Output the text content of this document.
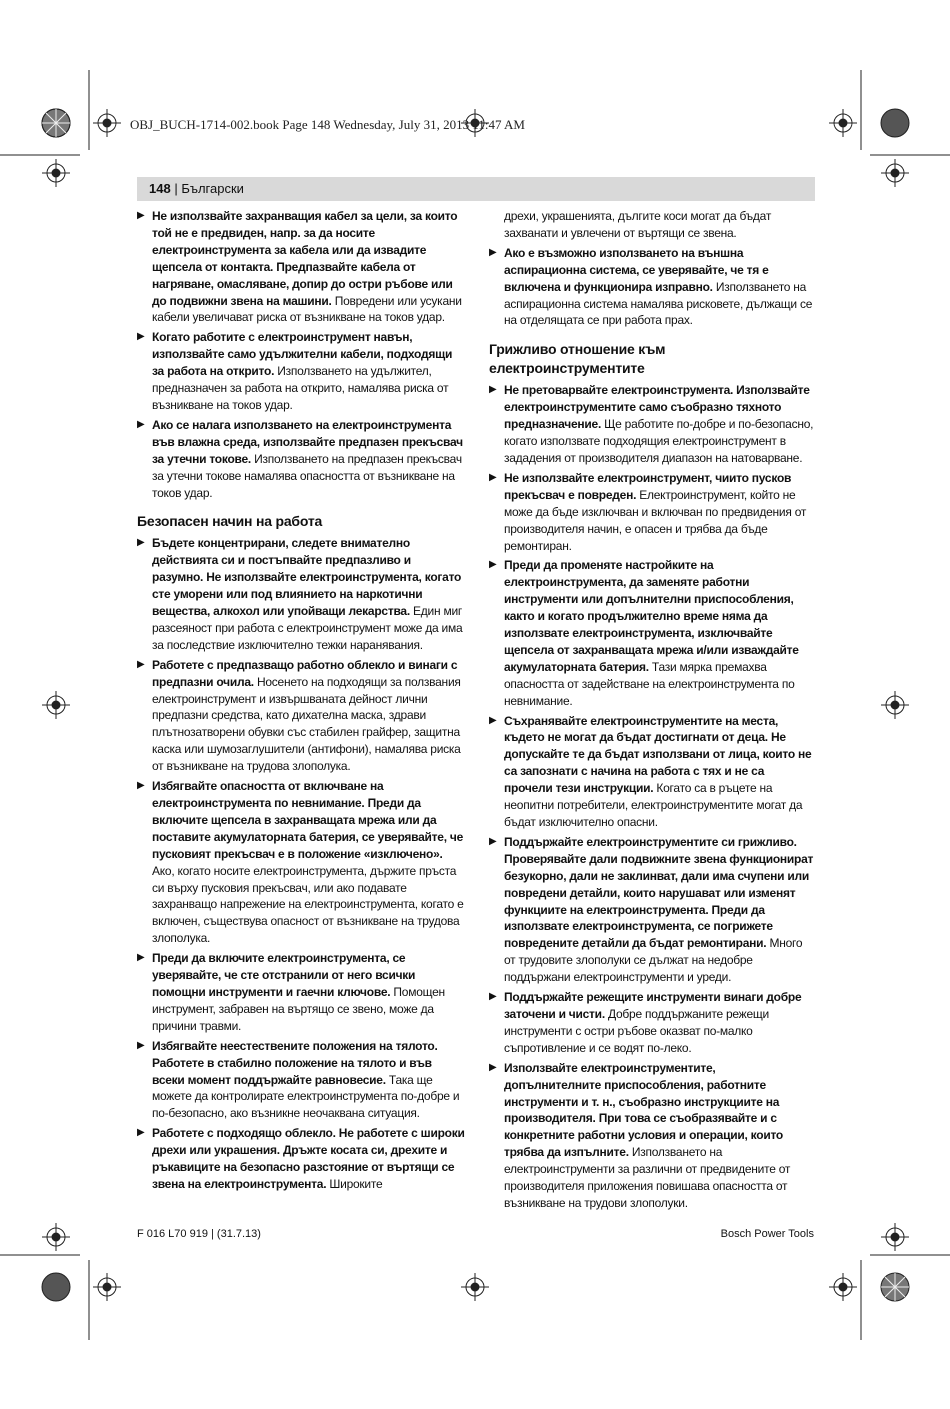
OBJ_BUCH-1714-002.book Page 148 Wednesday, July 31, 2013 11:47 AM
148 | Български
▶ Не използвайте захранващия кабел за цели, за които той не е предвиден, напр. за да носите електроинструмента за кабела или да извадите щепсела от контакта. Предпазвайте кабела от нагряване, омасляване, допир до остри ръбове или до подвижни звена на машини. Повредени или усукани кабели увеличават риска от възникване на токов удар.
▶ Когато работите с електроинструмент навън, използвайте само удължителни кабели, подходящи за работа на открито. Използването на удължител, предназначен за работа на открито, намалява риска от възникване на токов удар.
▶ Ако се налага използването на електроинструмента във влажна среда, използвайте предпазен прекъсвач за утечни токове. Използването на предпазен прекъсвач за утечни токове намалява опасността от възникване на токов удар.
Безопасен начин на работа
▶ Бъдете концентрирани, следете внимателно действията си и постъпвайте предпазливо и разумно. Не използвайте електроинструмента, когато сте уморени или под влиянието на наркотични вещества, алкохол или упойващи лекарства. Един миг разсеяност при работа с електроинструмент може да има за последствие изключително тежки наранявания.
▶ Работете с предпазващо работно облекло и винаги с предпазни очила. Носенето на подходящи за ползвания електроинструмент и извършваната дейност лични предпазни средства, като дихателна маска, здрави плътнозатворени обувки със стабилен грайфер, защитна каска или шумозаглушители (антифони), намалява риска от възникване на трудова злополука.
▶ Избягвайте опасността от включване на електроинструмента по невнимание. Преди да включите щепсела в захранващата мрежа или да поставите акумулаторната батерия, се уверявайте, че пусковият прекъсвач е в положение «изключено». Ако, когато носите електроинструмента, държите пръста си върху пусковия прекъсвач, или ако подавате захранващо напрежение на електроинструмента, когато е включен, съществува опасност от възникване на трудова злополука.
▶ Преди да включите електроинструмента, се уверявайте, че сте отстранили от него всички помощни инструменти и гаечни ключове. Помощен инструмент, забравен на въртящо се звено, може да причини травми.
▶ Избягвайте неестествените положения на тялото. Работете в стабилно положение на тялото и във всеки момент поддържайте равновесие. Така ще можете да контролирате електроинструмента по-добре и по-безопасно, ако възникне неочаквана ситуация.
▶ Работете с подходящо облекло. Не работете с широки дрехи или украшения. Дръжте косата си, дрехите и ръкавиците на безопасно разстояние от въртящи се звена на електроинструмента. Широките
дрехи, украшенията, дългите коси могат да бъдат захванати и увлечени от въртящи се звена.
▶ Ако е възможно използването на външна аспирационна система, се уверявайте, че тя е включена и функционира изправно. Използването на аспирационна система намалява рисковете, дължащи се на отделящата се при работа прах.
Грижливо отношение към електроинструментите
▶ Не претоварвайте електроинструмента. Използвайте електроинструментите само съобразно тяхното предназначение. Ще работите по-добре и по-безопасно, когато използвате подходящия електроинструмент в зададения от производителя диапазон на натоварване.
▶ Не използвайте електроинструмент, чиито пусков прекъсвач е повреден. Електроинструмент, който не може да бъде изключван и включван по предвидения от производителя начин, е опасен и трябва да бъде ремонтиран.
▶ Преди да променяте настройките на електроинструмента, да заменяте работни инструменти или допълнителни приспособления, както и когато продължително време няма да използвате електроинструмента, изключвайте щепсела от захранващата мрежа и/или изваждайте акумулаторната батерия. Тази мярка премахва опасността от задействане на електроинструмента по невнимание.
▶ Съхранявайте електроинструментите на места, където не могат да бъдат достигнати от деца. Не допускайте те да бъдат използвани от лица, които не са запознати с начина на работа с тях и не са прочели тези инструкции. Когато са в ръцете на неопитни потребители, електроинструментите могат да бъдат изключително опасни.
▶ Поддържайте електроинструментите си грижливо. Проверявайте дали подвижните звена функционират безукорно, дали не заклинват, дали има счупени или повредени детайли, които нарушават или изменят функциите на електроинструмента. Преди да използвате електроинструмента, се погрижете повредените детайли да бъдат ремонтирани. Много от трудовите злополуки се дължат на недобре поддържани електроинструменти и уреди.
▶ Поддържайте режещите инструменти винаги добре заточени и чисти. Добре поддържаните режещи инструменти с остри ръбове оказват по-малко съпротивление и се водят по-леко.
▶ Използвайте електроинструментите, допълнителните приспособления, работните инструменти и т. н., съобразно инструкциите на производителя. При това се съобразявайте и с конкретните работни условия и операции, които трябва да изпълните. Използването на електроинструменти за различни от предвидените от производителя приложения повишава опасността от възникване на трудови злополуки.
F 016 L70 919 | (31.7.13)	Bosch Power Tools
